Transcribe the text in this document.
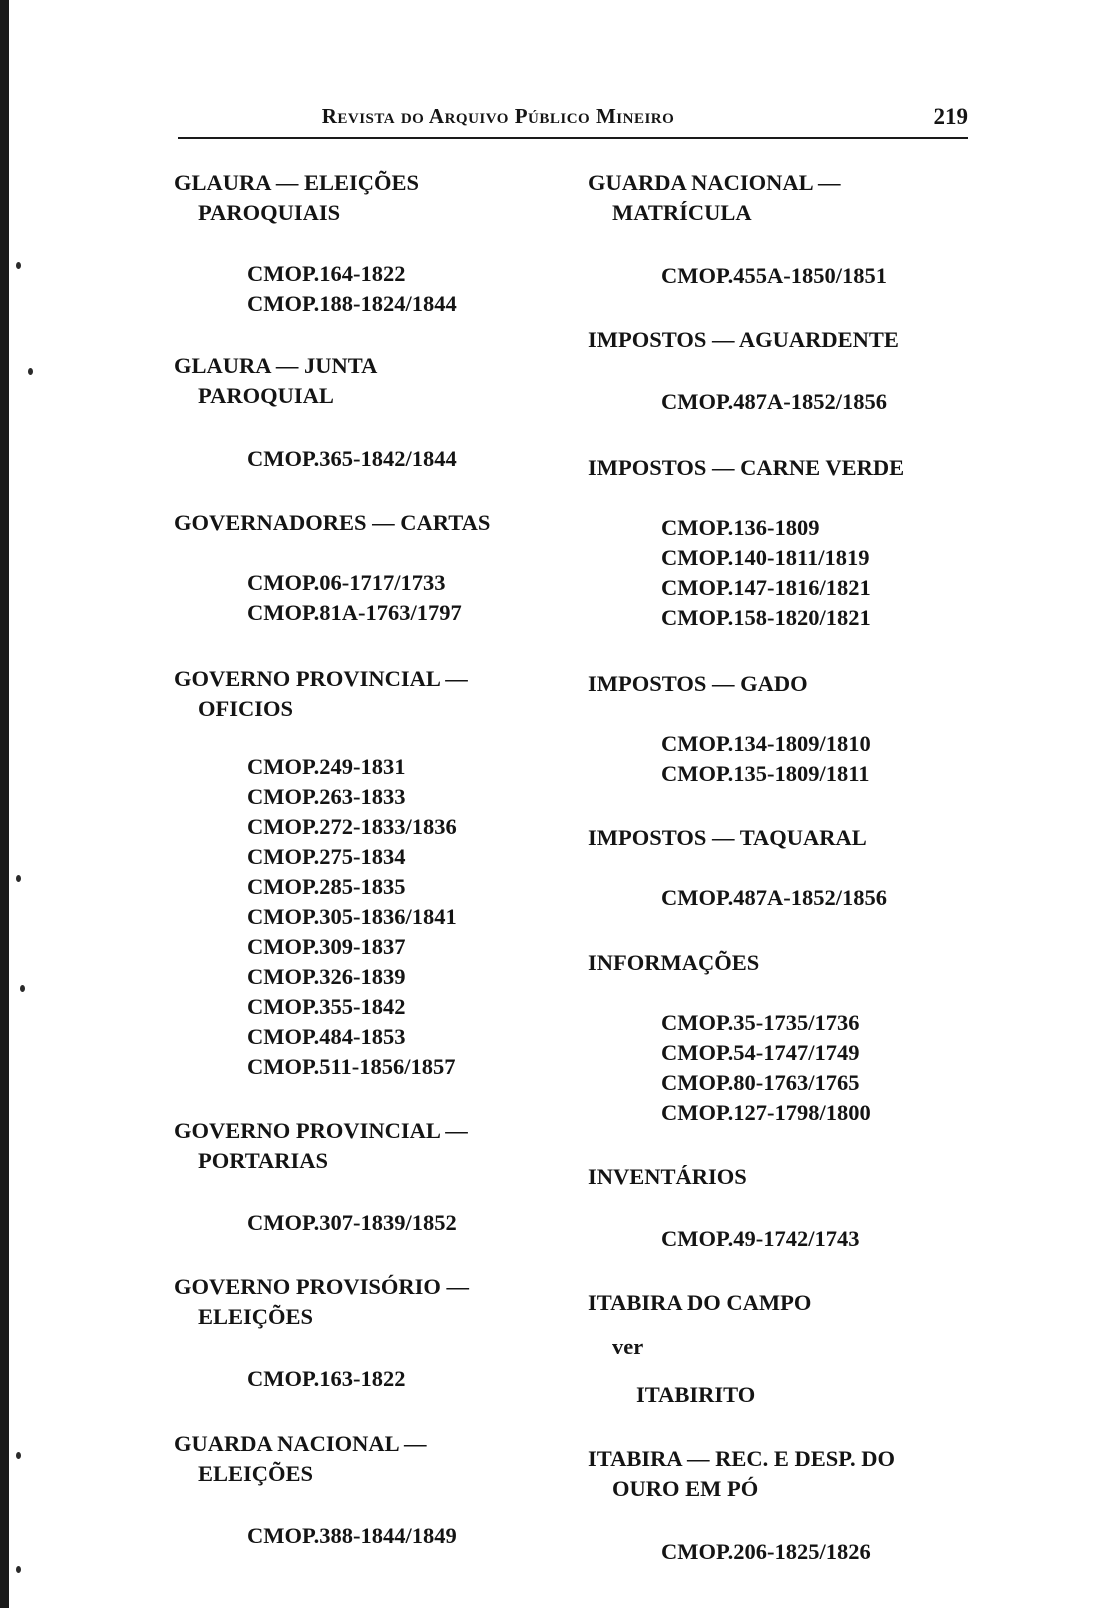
Revista do Arquivo Público Mineiro	219
GLAURA — ELEIÇÕES
PAROQUIAIS
CMOP.164-1822
CMOP.188-1824/1844
GLAURA — JUNTA
PAROQUIAL
CMOP.365-1842/1844
GOVERNADORES — CARTAS
CMOP.06-1717/1733
CMOP.81A-1763/1797
GOVERNO PROVINCIAL —
OFICIOS
CMOP.249-1831
CMOP.263-1833
CMOP.272-1833/1836
CMOP.275-1834
CMOP.285-1835
CMOP.305-1836/1841
CMOP.309-1837
CMOP.326-1839
CMOP.355-1842
CMOP.484-1853
CMOP.511-1856/1857
GOVERNO PROVINCIAL —
PORTARIAS
CMOP.307-1839/1852
GOVERNO PROVISÓRIO —
ELEIÇÕES
CMOP.163-1822
GUARDA NACIONAL —
ELEIÇÕES
CMOP.388-1844/1849
GUARDA NACIONAL —
MATRÍCULA
CMOP.455A-1850/1851
IMPOSTOS — AGUARDENTE
CMOP.487A-1852/1856
IMPOSTOS — CARNE VERDE
CMOP.136-1809
CMOP.140-1811/1819
CMOP.147-1816/1821
CMOP.158-1820/1821
IMPOSTOS — GADO
CMOP.134-1809/1810
CMOP.135-1809/1811
IMPOSTOS — TAQUARAL
CMOP.487A-1852/1856
INFORMAÇÕES
CMOP.35-1735/1736
CMOP.54-1747/1749
CMOP.80-1763/1765
CMOP.127-1798/1800
INVENTÁRIOS
CMOP.49-1742/1743
ITABIRA DO CAMPO
ver
ITABIRITO
ITABIRA — REC. E DESP. DO
OURO EM PÓ
CMOP.206-1825/1826
